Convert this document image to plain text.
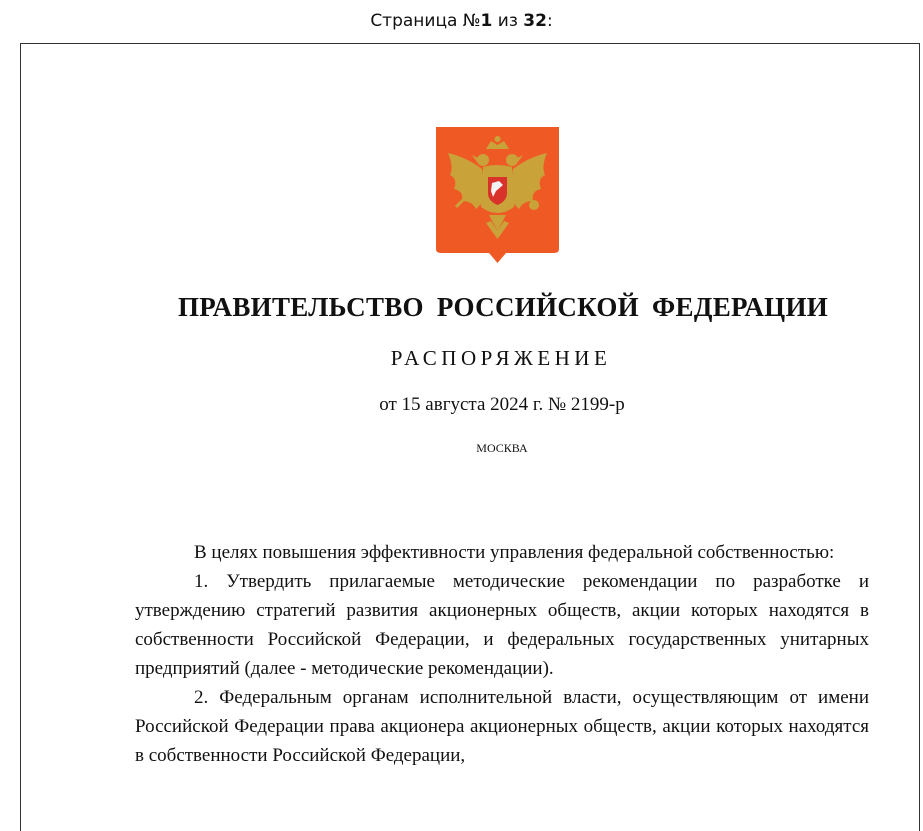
Страница №1 из 32:
ПРАВИТЕЛЬСТВО РОССИЙСКОЙ ФЕДЕРАЦИИ
РАСПОРЯЖЕНИЕ
от 15 августа 2024 г. № 2199-р
МОСКВА

В целях повышения эффективности управления федеральной собственностью:

1. Утвердить прилагаемые методические рекомендации по разработке и утверждению стратегий развития акционерных обществ, акции которых находятся в собственности Российской Федерации, и федеральных государственных унитарных предприятий (далее - методические рекомендации).

2. Федеральным органам исполнительной власти, осуществляющим от имени Российской Федерации права акционера акционерных обществ, акции которых находятся в собственности Российской Федерации,
